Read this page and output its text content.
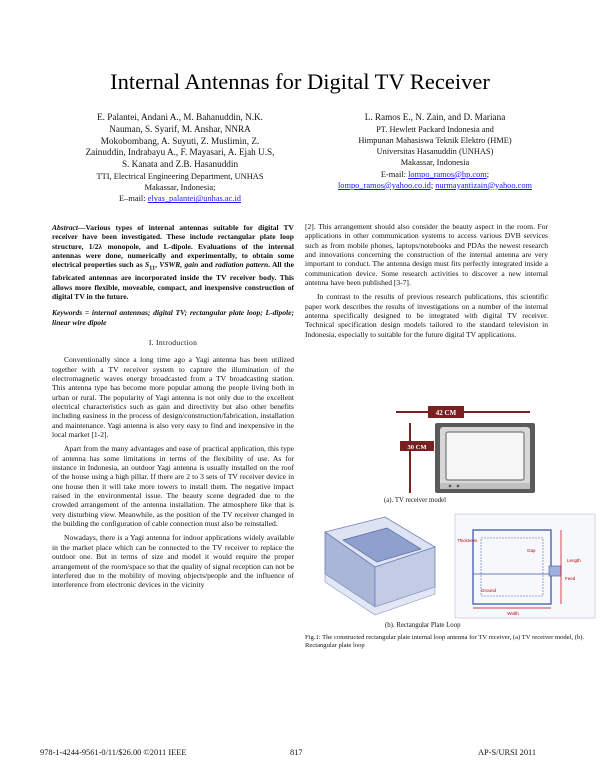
Internal Antennas for Digital TV Receiver
E. Palantei, Andani A., M. Bahanuddin, N.K.
Nauman, S. Syarif, M. Anshar, NNRA
Mokobombang, A. Suyuti, Z. Muslimin, Z.
Zainuddin, Indrabayu A., F. Mayasari, A. Ejah U.S,
S. Kanata and Z.B. Hasanuddin
TTI, Electrical Engineering Department, UNHAS
Makassar, Indonesia;
E–mail: elyas_palantei@unhas.ac.id
L. Ramos E., N. Zain, and D. Mariana
PT. Hewlett Packard Indonesia and
Himpunan Mahasiswa Teknik Elektro (HME)
Universitas Hasanuddin (UNHAS)
Makassar, Indonesia
E-mail: lompo_ramos@hp.com;
lompo_ramos@yahoo.co.id; nurmayantizain@yahoo.com

Abstract—Various types of internal antennas suitable for digital TV receiver have been investigated. These include rectangular plate loop structure, 1/2λ monopole, and L-dipole. Evaluations of the internal antennas were done, numerically and experimentally, to obtain some electrical properties such as $S_{11}$, VSWR, gain and radiation pattern. All the fabricated antennas are incorporated inside the TV receiver body. This allows more flexible, moveable, compact, and inexpensive construction of digital TV in the future.

Keywords = internal antennas; digital TV; rectangular plate loop; L-dipole; linear wire dipole

I. Introduction

Conventionally since a long time ago a Yagi antenna has been utilized together with a TV receiver system to capture the illumination of the electromagnetic waves energy broadcasted from a TV broadcasting station. This antenna type has become more popular among the people living both in urban or rural. The popularity of Yagi antenna is not only due to the excellent electrical characteristics such as gain and directivity but also other benefits including easiness in the process of design/construction/fabrication, installation and maintenance. Yagi antenna is also very easy to find and inexpensive in the local market [1-2].

Apart from the many advantages and ease of practical application, this type of antenna has some limitations in terms of the flexibility of use. As for instance in Indonesia, an outdoor Yagi antenna is usually installed on the roof of the house using a high pillar. If there are 2 to 3 sets of TV receiver device in one house then it will take more towers to install them. The negative impact raised in the environmental issue. The beauty scene degraded due to the crowded arrangement of the antenna installation. The atmosphere like that is very disturbing view. Meanwhile, as the position of the TV receiver changed in the building the configuration of cable connection must also be reinstalled.

Nowadays, there is a Yagi antenna for indoor applications widely available in the market place which can be connected to the TV receiver to replace the outdoor one. But in terms of size and model it would require the proper arrangement of the room/space so that the quality of signal reception can not be interfered due to the mobility of moving objects/people and the influence of interference from electronic devices in the vicinity

[2]. This arrangement should also consider the beauty aspect in the room. For applications in other communication systems to access various DVB services such as from mobile phones, laptops/notebooks and PDAs the newest research and innovations concerning the construction of the internal antenna are very important to conduct. The antenna design must fits perfectly integrated inside a communication device. Some research activities to discover a new internal antenna have been published [3-7].

In contrast to the results of previous research publications, this scientific paper work describes the results of investigations on a number of the internal antenna specifically designed to be integrated with digital TV receiver. Technical specification design models tailored to the standard television in Indonesia, especially to suitable for the future digital TV applications.

42 CM
30 CM
(a). TV receiver model
Width
Length
Feed
Ground
Thickness
Gap
(b). Rectangular Plate Loop
Fig.1: The constructed rectangular plate internal loop antenna for TV receiver, (a) TV receiver model, (b). Rectangular plate loop
978-1-4244-9561-0/11/$26.00 ©2011 IEEE	817	AP-S/URSI 2011
